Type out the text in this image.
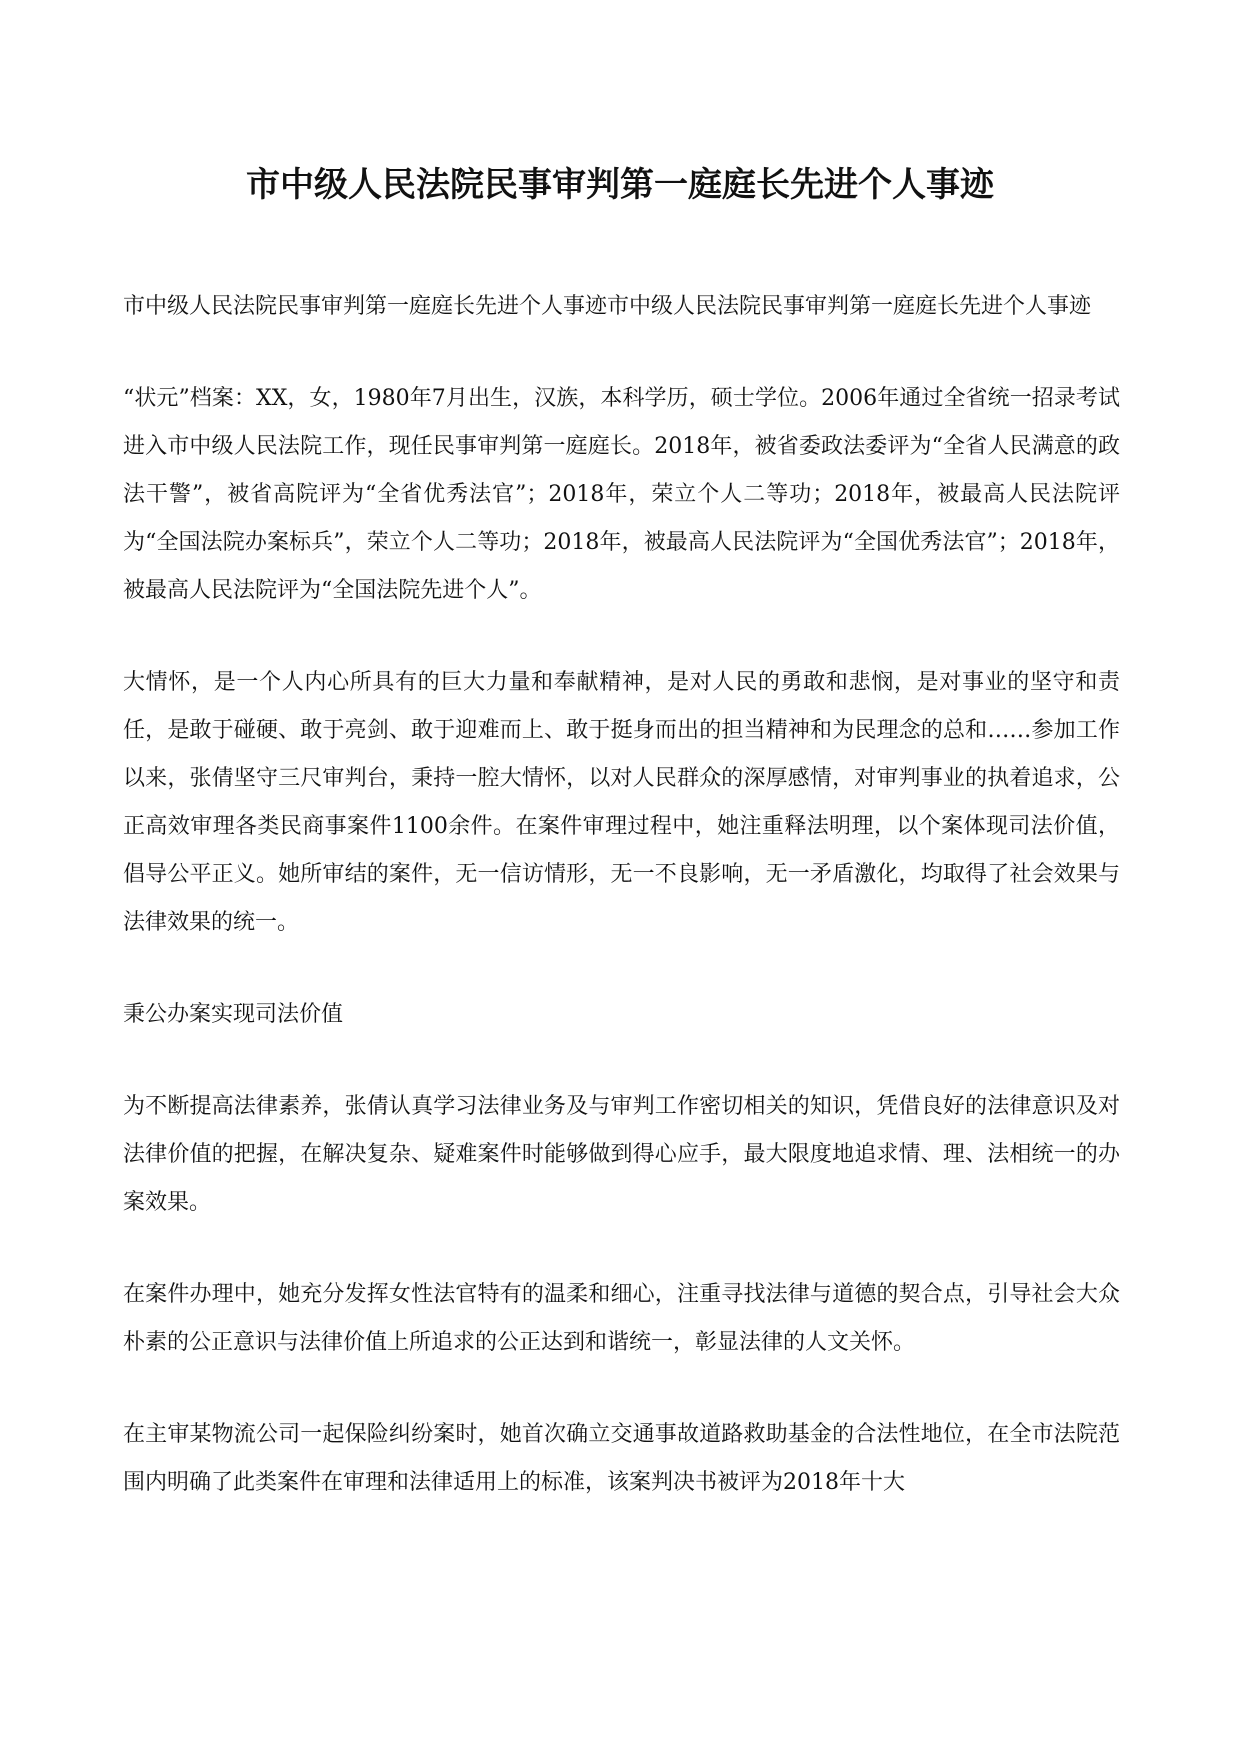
市中级人民法院民事审判第一庭庭长先进个人事迹

市中级人民法院民事审判第一庭庭长先进个人事迹市中级人民法院民事审判第一庭庭长先进个人事迹

“状元”档案：XX，女，1980年7月出生，汉族，本科学历，硕士学位。2006年通过全省统一招录考试进入市中级人民法院工作，现任民事审判第一庭庭长。2018年，被省委政法委评为“全省人民满意的政法干警”，被省高院评为“全省优秀法官”；2018年，荣立个人二等功；2018年，被最高人民法院评为“全国法院办案标兵”，荣立个人二等功；2018年，被最高人民法院评为“全国优秀法官”；2018年，被最高人民法院评为“全国法院先进个人”。

大情怀，是一个人内心所具有的巨大力量和奉献精神，是对人民的勇敢和悲悯，是对事业的坚守和责任，是敢于碰硬、敢于亮剑、敢于迎难而上、敢于挺身而出的担当精神和为民理念的总和……参加工作以来，张倩坚守三尺审判台，秉持一腔大情怀，以对人民群众的深厚感情，对审判事业的执着追求，公正高效审理各类民商事案件1100余件。在案件审理过程中，她注重释法明理，以个案体现司法价值，倡导公平正义。她所审结的案件，无一信访情形，无一不良影响，无一矛盾激化，均取得了社会效果与法律效果的统一。

秉公办案实现司法价值

为不断提高法律素养，张倩认真学习法律业务及与审判工作密切相关的知识，凭借良好的法律意识及对法律价值的把握，在解决复杂、疑难案件时能够做到得心应手，最大限度地追求情、理、法相统一的办案效果。

在案件办理中，她充分发挥女性法官特有的温柔和细心，注重寻找法律与道德的契合点，引导社会大众朴素的公正意识与法律价值上所追求的公正达到和谐统一，彰显法律的人文关怀。

在主审某物流公司一起保险纠纷案时，她首次确立交通事故道路救助基金的合法性地位，在全市法院范围内明确了此类案件在审理和法律适用上的标准，该案判决书被评为2018年十大
